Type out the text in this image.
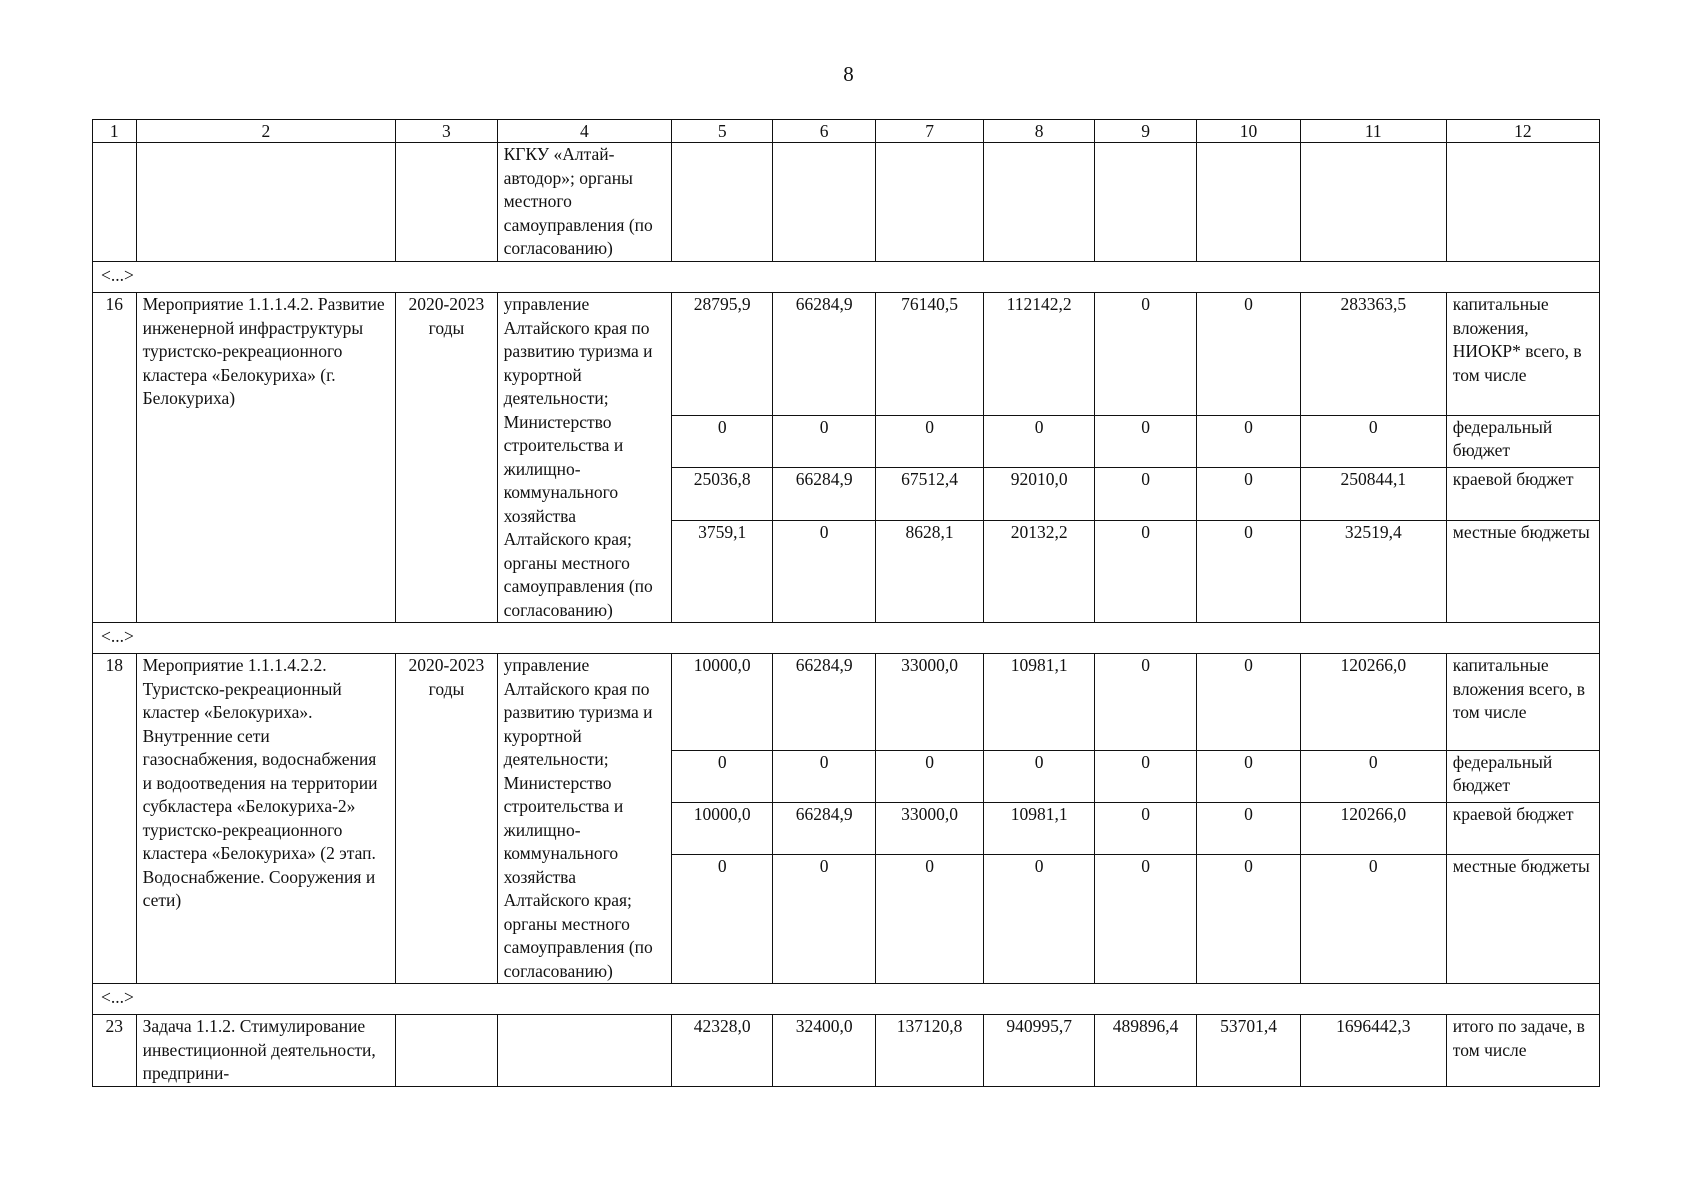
8
1	2	3	4	5	6	7	8	9	10	11	12
			КГКУ «Алтай-автодор»; органы местного самоуправления (по согласованию)								
<...>											
16	Мероприятие 1.1.1.4.2. Развитие инженерной инфраструктуры туристско-рекреационного кластера «Белокуриха» (г. Белокуриха)	2020-2023 годы	управление Алтайского края по развитию туризма и курортной деятельности; Министерство строительства и жилищно-коммунального хозяйства Алтайского края; органы местного самоуправления (по согласованию)	28795,9	66284,9	76140,5	112142,2	0	0	283363,5	капитальные вложения, НИОКР* всего, в том числе
				0	0	0	0	0	0	0	федеральный бюджет
				25036,8	66284,9	67512,4	92010,0	0	0	250844,1	краевой бюджет
				3759,1	0	8628,1	20132,2	0	0	32519,4	местные бюджеты
<...>											
18	Мероприятие 1.1.1.4.2.2. Туристско-рекреационный кластер «Белокуриха». Внутренние сети газоснабжения, водоснабжения и водоотведения на территории субкластера «Белокуриха-2» туристско-рекреационного кластера «Белокуриха» (2 этап. Водоснабжение. Сооружения и сети)	2020-2023 годы	управление Алтайского края по развитию туризма и курортной деятельности; Министерство строительства и жилищно-коммунального хозяйства Алтайского края; органы местного самоуправления (по согласованию)	10000,0	66284,9	33000,0	10981,1	0	0	120266,0	капитальные вложения всего, в том числе
				0	0	0	0	0	0	0	федеральный бюджет
				10000,0	66284,9	33000,0	10981,1	0	0	120266,0	краевой бюджет
				0	0	0	0	0	0	0	местные бюджеты
<...>											
23	Задача 1.1.2. Стимулирование инвестиционной деятельности, предприни-			42328,0	32400,0	137120,8	940995,7	489896,4	53701,4	1696442,3	итого по задаче, в том числе
